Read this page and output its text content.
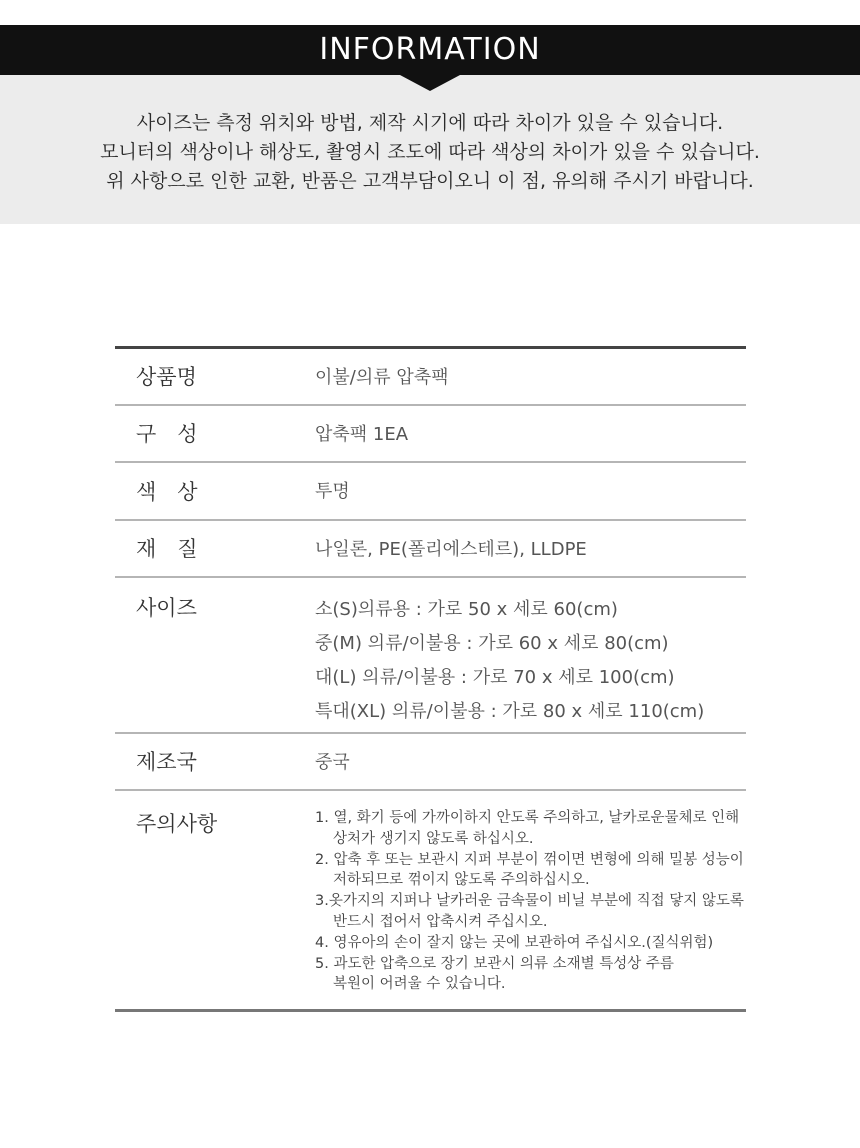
INFORMATION
사이즈는 측정 위치와 방법, 제작 시기에 따라 차이가 있을 수 있습니다.
모니터의 색상이나 해상도, 촬영시 조도에 따라 색상의 차이가 있을 수 있습니다.
위 사항으로 인한 교환, 반품은 고객부담이오니 이 점, 유의해 주시기 바랍니다.
상품명	이불/의류 압축팩
구　성	압축팩 1EA
색　상	투명
재　질	나일론, PE(폴리에스테르), LLDPE
사이즈	소(S)의류용 : 가로 50 x 세로 60(cm)
중(M) 의류/이불용 : 가로 60 x 세로 80(cm)
대(L) 의류/이불용 : 가로 70 x 세로 100(cm)
특대(XL) 의류/이불용 : 가로 80 x 세로 110(cm)
제조국	중국
주의사항	1. 열, 화기 등에 가까이하지 안도록 주의하고, 날카로운물체로 인해
상처가 생기지 않도록 하십시오.
2. 압축 후 또는 보관시 지퍼 부분이 꺾이면 변형에 의해 밀봉 성능이
저하되므로 꺾이지 않도록 주의하십시오.
3.옷가지의 지퍼나 날카러운 금속물이 비닐 부분에 직접 닿지 않도록
반드시 접어서 압축시켜 주십시오.
4. 영유아의 손이 잘지 않는 곳에 보관하여 주십시오.(질식위험)
5. 과도한 압축으로 장기 보관시 의류 소재별 특성상 주름
복원이 어려울 수 있습니다.
